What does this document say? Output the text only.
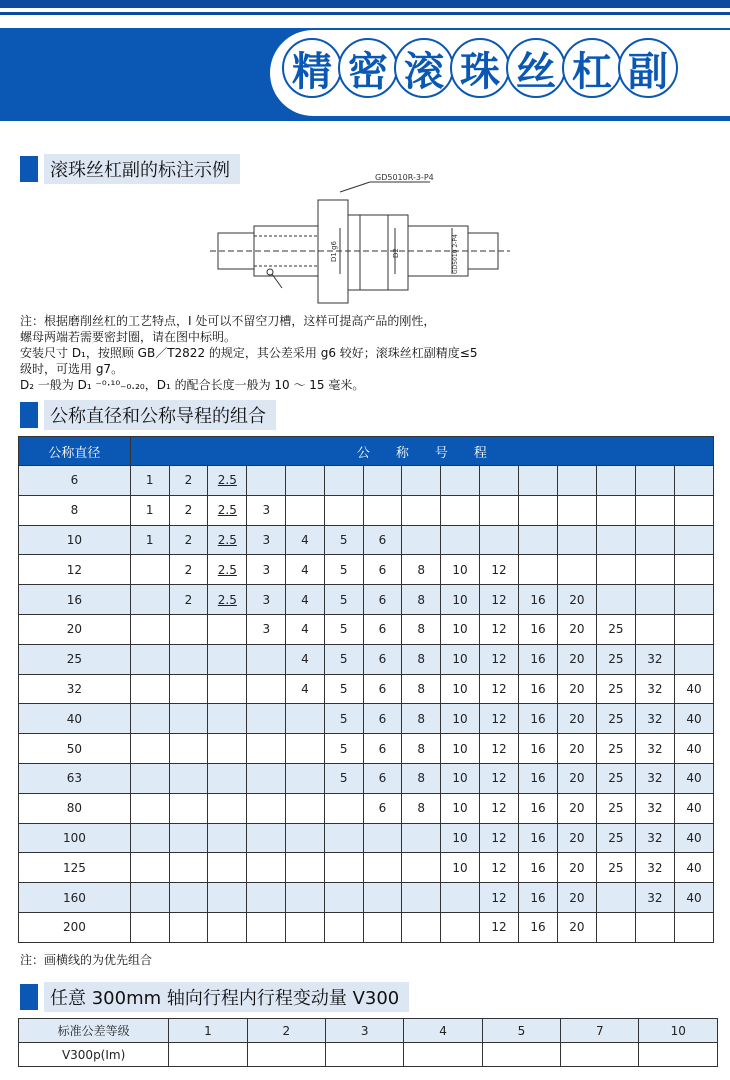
精 密 滚 珠 丝 杠 副
滚珠丝杠副的标注示例	GD5010R-3-P4
D1 g6	D2	GD5010 2-P4
注：根据磨削丝杠的工艺特点，I 处可以不留空刀槽，这样可提高产品的刚性，
螺母两端若需要密封圈，请在图中标明。
安装尺寸 D₁，按照顾 GB／T2822 的规定，其公差采用 g6 较好；滚珠丝杠副精度≤5
级时，可选用 g7。
D₂ 一般为 D₁ ⁻⁰·¹⁰₋₀.₂₀，D₁ 的配合长度一般为 10 ～ 15 毫米。
公称直径和公称导程的组合
公称直径	公　　称　　号　　程														
6	1	2	2.5												
8	1	2	2.5	3											
10	1	2	2.5	3	4	5	6								
12		2	2.5	3	4	5	6	8	10	12					
16		2	2.5	3	4	5	6	8	10	12	16	20			
20				3	4	5	6	8	10	12	16	20	25		
25					4	5	6	8	10	12	16	20	25	32	
32					4	5	6	8	10	12	16	20	25	32	40
40						5	6	8	10	12	16	20	25	32	40
50						5	6	8	10	12	16	20	25	32	40
63						5	6	8	10	12	16	20	25	32	40
80							6	8	10	12	16	20	25	32	40
100									10	12	16	20	25	32	40
125									10	12	16	20	25	32	40
160										12	16	20		32	40
200										12	16	20			
注：画横线的为优先组合
任意 300mm 轴向行程内行程变动量 V300
标准公差等级	1	2	3	4	5	7	10
V300p(Im)							
